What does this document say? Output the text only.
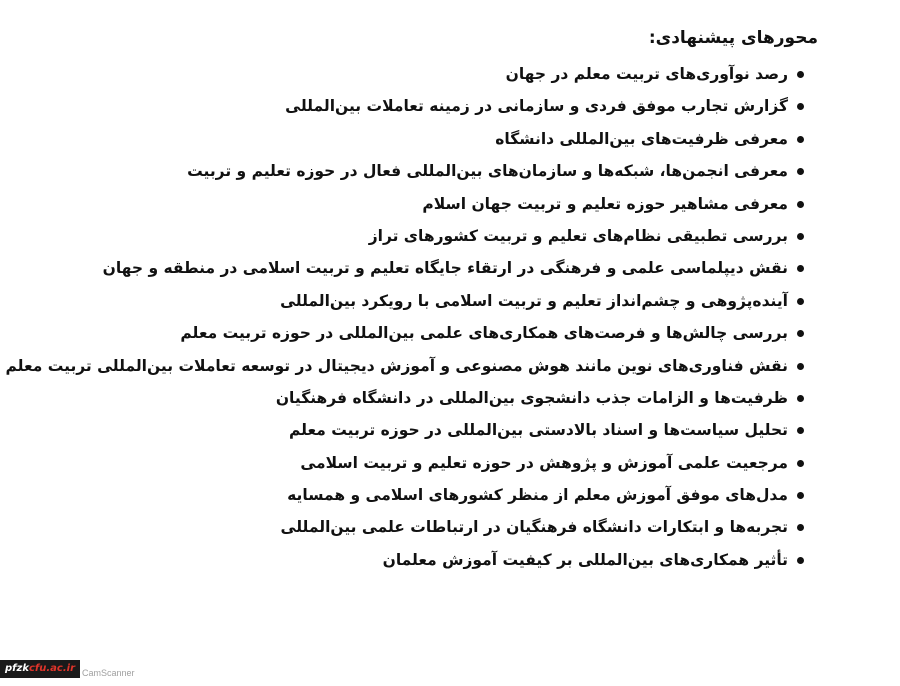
محورهای پیشنهادی:
رصد نوآوری‌های تربیت معلم در جهان
گزارش تجارب موفق فردی و سازمانی در زمینه تعاملات بین‌المللی
معرفی ظرفیت‌های بین‌المللی دانشگاه
معرفی انجمن‌ها، شبکه‌ها و سازمان‌های بین‌المللی فعال در حوزه تعلیم و تربیت
معرفی مشاهیر حوزه تعلیم و تربیت جهان اسلام
بررسی تطبیقی نظام‌های تعلیم و تربیت کشورهای تراز
نقش دیپلماسی علمی و فرهنگی در ارتقاء جایگاه تعلیم و تربیت اسلامی در منطقه و جهان
آینده‌پژوهی و چشم‌انداز تعلیم و تربیت اسلامی با رویکرد بین‌المللی
بررسی چالش‌ها و فرصت‌های همکاری‌های علمی بین‌المللی در حوزه تربیت معلم
نقش فناوری‌های نوین مانند هوش مصنوعی و آموزش دیجیتال در توسعه تعاملات بین‌المللی تربیت معلم
ظرفیت‌ها و الزامات جذب دانشجوی بین‌المللی در دانشگاه فرهنگیان
تحلیل سیاست‌ها و اسناد بالادستی بین‌المللی در حوزه تربیت معلم
مرجعیت علمی آموزش و پژوهش در حوزه تعلیم و تربیت اسلامی
مدل‌های موفق آموزش معلم از منظر کشورهای اسلامی و همسایه
تجربه‌ها و ابتکارات دانشگاه فرهنگیان در ارتباطات علمی بین‌المللی
تأثیر همکاری‌های بین‌المللی بر کیفیت آموزش معلمان
pfzkcfu.ac.ir CamScanner
